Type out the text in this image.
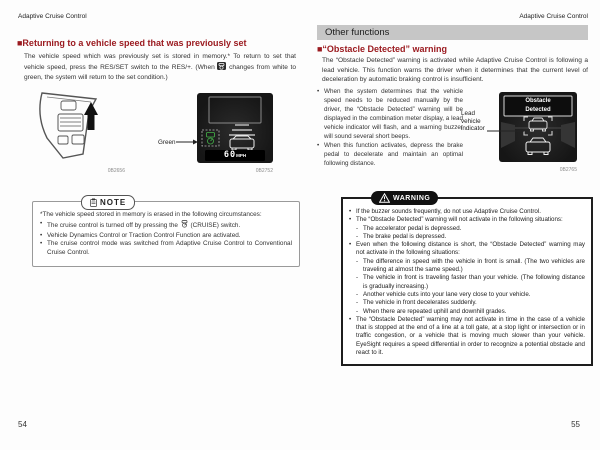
Adaptive Cruise Control
■Returning to a vehicle speed that was previously set
The vehicle speed which was previously set is stored in memory.* To return to set that vehicle speed, press the RES/SET switch to the RES/+. (When changes from white to green, the system will return to the set condition.)
0B2656
60MPH
Green
0B2752
NOTE
*The vehicle speed stored in memory is erased in the following circumstances:
• The cruise control is turned off by pressing the (CRUISE) switch.
• Vehicle Dynamics Control or Traction Control Function are activated.
• The cruise control mode was switched from Adaptive Cruise Control to Conventional Cruise Control.
54
Adaptive Cruise Control
Other functions
■“Obstacle Detected” warning
The “Obstacle Detected” warning is activated while Adaptive Cruise Control is following a lead vehicle. This function warns the driver when it determines that the current level of deceleration by automatic braking control is insufficient.
• When the system determines that the vehicle speed needs to be reduced manually by the driver, the “Obstacle Detected” warning will be displayed in the combination meter display, a lead vehicle indicator will flash, and a warning buzzer will sound several short beeps.
• When this function activates, depress the brake pedal to decelerate and maintain an optimal following distance.
Obstacle
Detected
Lead vehicle indicator
0B2765
WARNING
• If the buzzer sounds frequently, do not use Adaptive Cruise Control.
• The “Obstacle Detected” warning will not activate in the following situations:
- The accelerator pedal is depressed.
- The brake pedal is depressed.
• Even when the following distance is short, the “Obstacle Detected” warning may not activate in the following situations:
- The difference in speed with the vehicle in front is small. (The two vehicles are traveling at almost the same speed.)
- The vehicle in front is traveling faster than your vehicle. (The following distance is gradually increasing.)
- Another vehicle cuts into your lane very close to your vehicle.
- The vehicle in front decelerates suddenly.
- When there are repeated uphill and downhill grades.
• The “Obstacle Detected” warning may not activate in time in the case of a vehicle that is stopped at the end of a line at a toll gate, at a stop light or intersection or in traffic congestion, or a vehicle that is moving much slower than your vehicle. EyeSight requires a speed differential in order to recognize a potential obstacle and react to it.
55
